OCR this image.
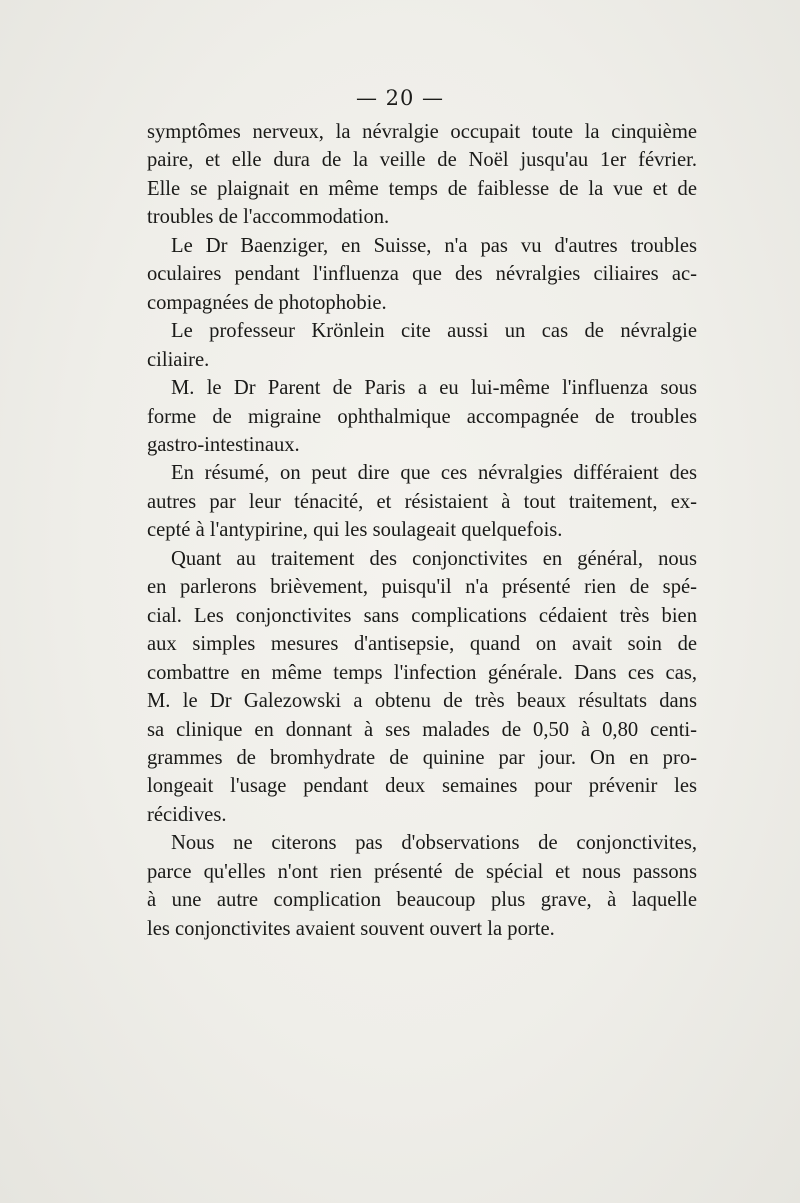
— 20 —

symptômes nerveux, la névralgie occupait toute la cinquième

paire, et elle dura de la veille de Noël jusqu'au 1er février.

Elle se plaignait en même temps de faiblesse de la vue et de

troubles de l'accommodation.

Le Dr Baenziger, en Suisse, n'a pas vu d'autres troubles

oculaires pendant l'influenza que des névralgies ciliaires ac-

compagnées de photophobie.

Le professeur Krönlein cite aussi un cas de névralgie

ciliaire.

M. le Dr Parent de Paris a eu lui-même l'influenza sous

forme de migraine ophthalmique accompagnée de troubles

gastro-intestinaux.

En résumé, on peut dire que ces névralgies différaient des

autres par leur ténacité, et résistaient à tout traitement, ex-

cepté à l'antypirine, qui les soulageait quelquefois.

Quant au traitement des conjonctivites en général, nous

en parlerons brièvement, puisqu'il n'a présenté rien de spé-

cial. Les conjonctivites sans complications cédaient très bien

aux simples mesures d'antisepsie, quand on avait soin de

combattre en même temps l'infection générale. Dans ces cas,

M. le Dr Galezowski a obtenu de très beaux résultats dans

sa clinique en donnant à ses malades de 0,50 à 0,80 centi-

grammes de bromhydrate de quinine par jour. On en pro-

longeait l'usage pendant deux semaines pour prévenir les

récidives.

Nous ne citerons pas d'observations de conjonctivites,

parce qu'elles n'ont rien présenté de spécial et nous passons

à une autre complication beaucoup plus grave, à laquelle

les conjonctivites avaient souvent ouvert la porte.
